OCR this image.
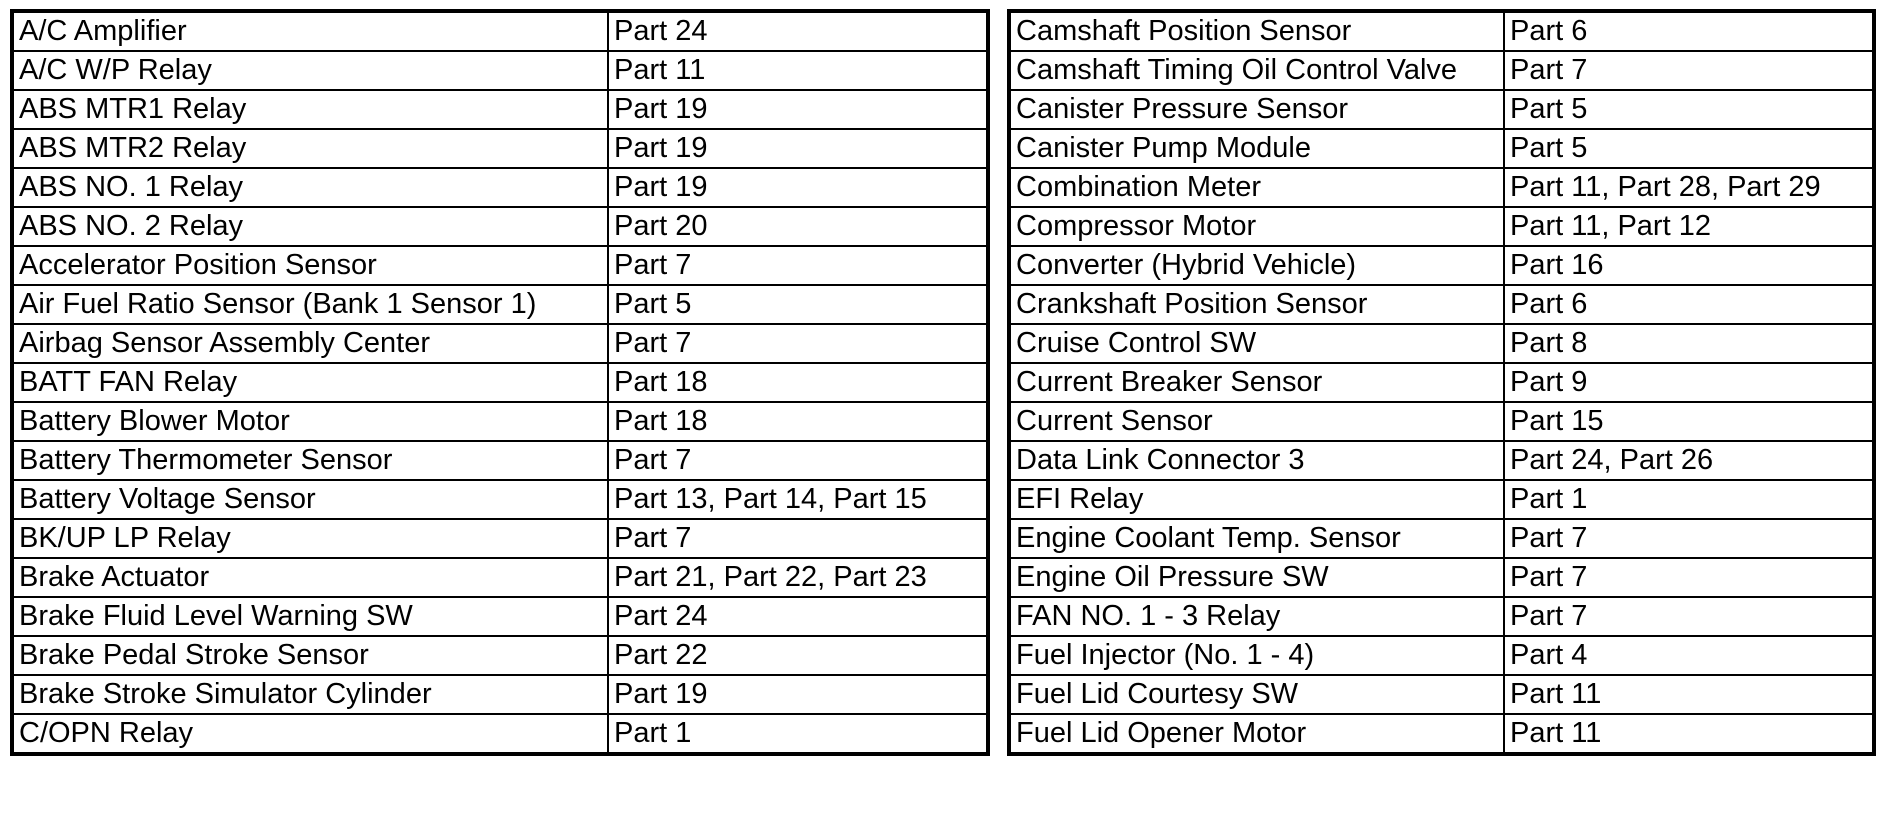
A/C Amplifier	Part 24
A/C W/P Relay	Part 11
ABS MTR1 Relay	Part 19
ABS MTR2 Relay	Part 19
ABS NO. 1 Relay	Part 19
ABS NO. 2 Relay	Part 20
Accelerator Position Sensor	Part 7
Air Fuel Ratio Sensor (Bank 1 Sensor 1)	Part 5
Airbag Sensor Assembly Center	Part 7
BATT FAN Relay	Part 18
Battery Blower Motor	Part 18
Battery Thermometer Sensor	Part 7
Battery Voltage Sensor	Part 13, Part 14, Part 15
BK/UP LP Relay	Part 7
Brake Actuator	Part 21, Part 22, Part 23
Brake Fluid Level Warning SW	Part 24
Brake Pedal Stroke Sensor	Part 22
Brake Stroke Simulator Cylinder	Part 19
C/OPN Relay	Part 1
Camshaft Position Sensor	Part 6
Camshaft Timing Oil Control Valve	Part 7
Canister Pressure Sensor	Part 5
Canister Pump Module	Part 5
Combination Meter	Part 11, Part 28, Part 29
Compressor Motor	Part 11, Part 12
Converter (Hybrid Vehicle)	Part 16
Crankshaft Position Sensor	Part 6
Cruise Control SW	Part 8
Current Breaker Sensor	Part 9
Current Sensor	Part 15
Data Link Connector 3	Part 24, Part 26
EFI Relay	Part 1
Engine Coolant Temp. Sensor	Part 7
Engine Oil Pressure SW	Part 7
FAN NO. 1 - 3 Relay	Part 7
Fuel Injector (No. 1 - 4)	Part 4
Fuel Lid Courtesy SW	Part 11
Fuel Lid Opener Motor	Part 11
